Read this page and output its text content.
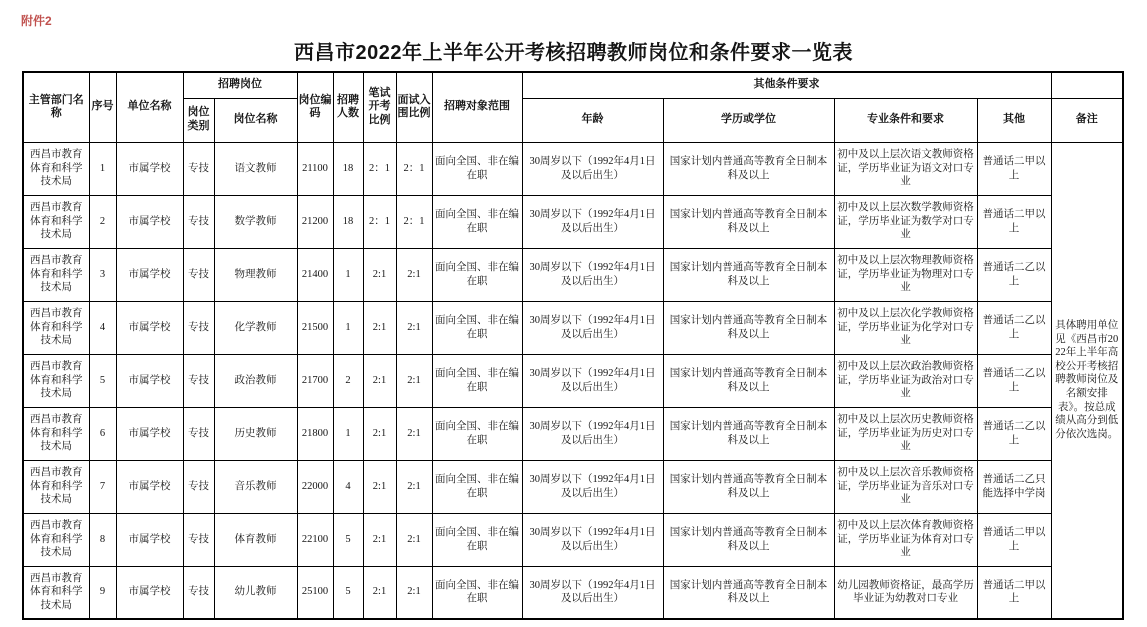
附件2
西昌市2022年上半年公开考核招聘教师岗位和条件要求一览表
主管部门名称	序号	单位名称	招聘岗位		岗位编码	招聘人数	笔试开考比例	面试入围比例	招聘对象范围	其他条件要求				
			岗位类别	岗位名称						年龄	学历或学位	专业条件和要求	其他	备注
西昌市教育体育和科学技术局	1	市属学校	专技	语文教师	21100	18	2：1	2：1	面向全国、非在编在职	30周岁以下（1992年4月1日及以后出生）	国家计划内普通高等教育全日制本科及以上	初中及以上层次语文教师资格证，学历毕业证为语文对口专业	普通话二甲以上	具体聘用单位见《西昌市2022年上半年高校公开考核招聘教师岗位及名额安排表》。按总成绩从高分到低分依次选岗。
西昌市教育体育和科学技术局	2	市属学校	专技	数学教师	21200	18	2：1	2：1	面向全国、非在编在职	30周岁以下（1992年4月1日及以后出生）	国家计划内普通高等教育全日制本科及以上	初中及以上层次数学教师资格证，学历毕业证为数学对口专业	普通话二甲以上	
西昌市教育体育和科学技术局	3	市属学校	专技	物理教师	21400	1	2:1	2:1	面向全国、非在编在职	30周岁以下（1992年4月1日及以后出生）	国家计划内普通高等教育全日制本科及以上	初中及以上层次物理教师资格证，学历毕业证为物理对口专业	普通话二乙以上	
西昌市教育体育和科学技术局	4	市属学校	专技	化学教师	21500	1	2:1	2:1	面向全国、非在编在职	30周岁以下（1992年4月1日及以后出生）	国家计划内普通高等教育全日制本科及以上	初中及以上层次化学教师资格证，学历毕业证为化学对口专业	普通话二乙以上	
西昌市教育体育和科学技术局	5	市属学校	专技	政治教师	21700	2	2:1	2:1	面向全国、非在编在职	30周岁以下（1992年4月1日及以后出生）	国家计划内普通高等教育全日制本科及以上	初中及以上层次政治教师资格证，学历毕业证为政治对口专业	普通话二乙以上	
西昌市教育体育和科学技术局	6	市属学校	专技	历史教师	21800	1	2:1	2:1	面向全国、非在编在职	30周岁以下（1992年4月1日及以后出生）	国家计划内普通高等教育全日制本科及以上	初中及以上层次历史教师资格证，学历毕业证为历史对口专业	普通话二乙以上	
西昌市教育体育和科学技术局	7	市属学校	专技	音乐教师	22000	4	2:1	2:1	面向全国、非在编在职	30周岁以下（1992年4月1日及以后出生）	国家计划内普通高等教育全日制本科及以上	初中及以上层次音乐教师资格证，学历毕业证为音乐对口专业	普通话二乙只能选择中学岗	
西昌市教育体育和科学技术局	8	市属学校	专技	体育教师	22100	5	2:1	2:1	面向全国、非在编在职	30周岁以下（1992年4月1日及以后出生）	国家计划内普通高等教育全日制本科及以上	初中及以上层次体育教师资格证，学历毕业证为体育对口专业	普通话二甲以上	
西昌市教育体育和科学技术局	9	市属学校	专技	幼儿教师	25100	5	2:1	2:1	面向全国、非在编在职	30周岁以下（1992年4月1日及以后出生）	国家计划内普通高等教育全日制本科及以上	幼儿园教师资格证，最高学历毕业证为幼教对口专业	普通话二甲以上	
